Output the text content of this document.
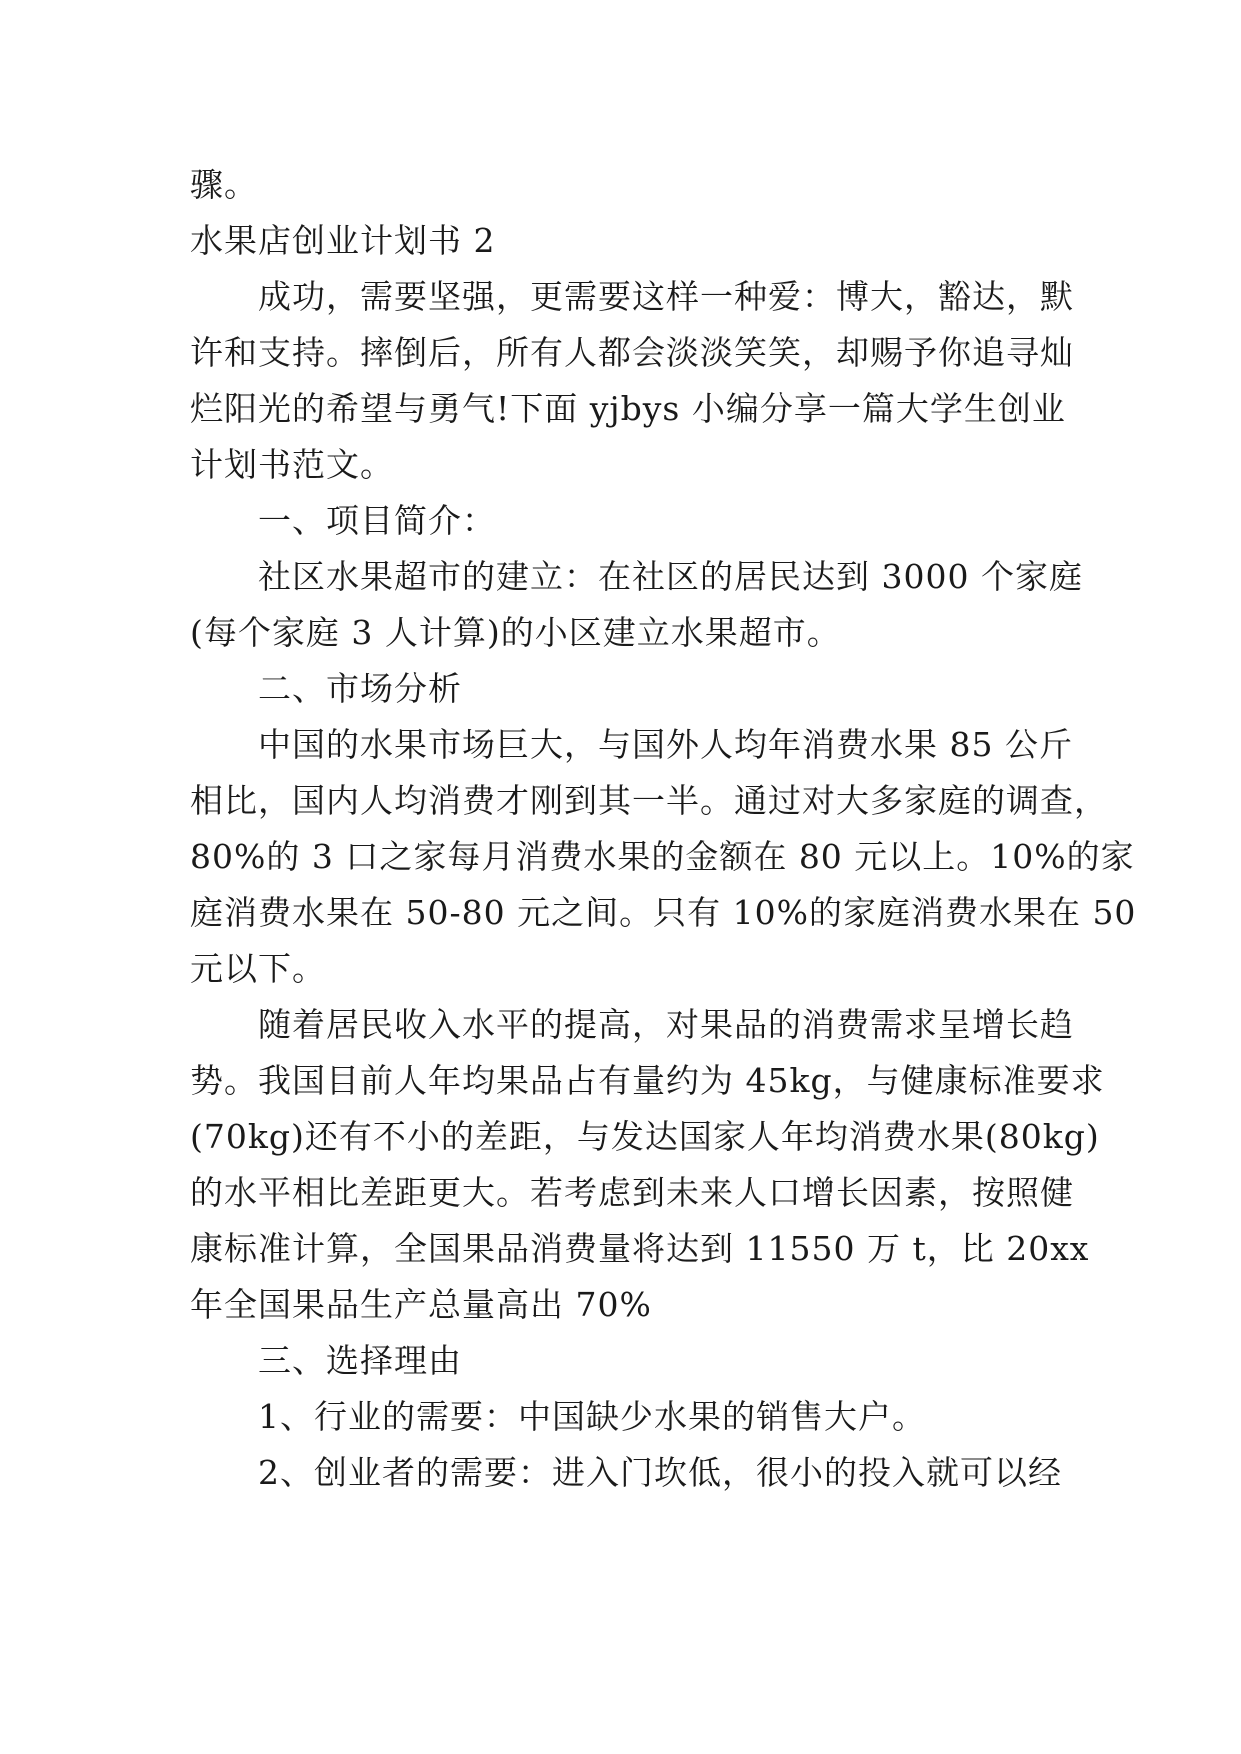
骤。
水果店创业计划书 2
成功，需要坚强，更需要这样一种爱：博大，豁达，默
许和支持。摔倒后，所有人都会淡淡笑笑，却赐予你追寻灿
烂阳光的希望与勇气!下面 yjbys 小编分享一篇大学生创业
计划书范文。
一、项目简介：
社区水果超市的建立：在社区的居民达到 3000 个家庭
(每个家庭 3 人计算)的小区建立水果超市。
二、市场分析
中国的水果市场巨大，与国外人均年消费水果 85 公斤
相比，国内人均消费才刚到其一半。通过对大多家庭的调查，
80%的 3 口之家每月消费水果的金额在 80 元以上。10%的家
庭消费水果在 50-80 元之间。只有 10%的家庭消费水果在 50
元以下。
随着居民收入水平的提高，对果品的消费需求呈增长趋
势。我国目前人年均果品占有量约为 45kg，与健康标准要求
(70kg)还有不小的差距，与发达国家人年均消费水果(80kg)
的水平相比差距更大。若考虑到未来人口增长因素，按照健
康标准计算，全国果品消费量将达到 11550 万 t，比 20xx
年全国果品生产总量高出 70%
三、选择理由
1、行业的需要：中国缺少水果的销售大户。
2、创业者的需要：进入门坎低，很小的投入就可以经
